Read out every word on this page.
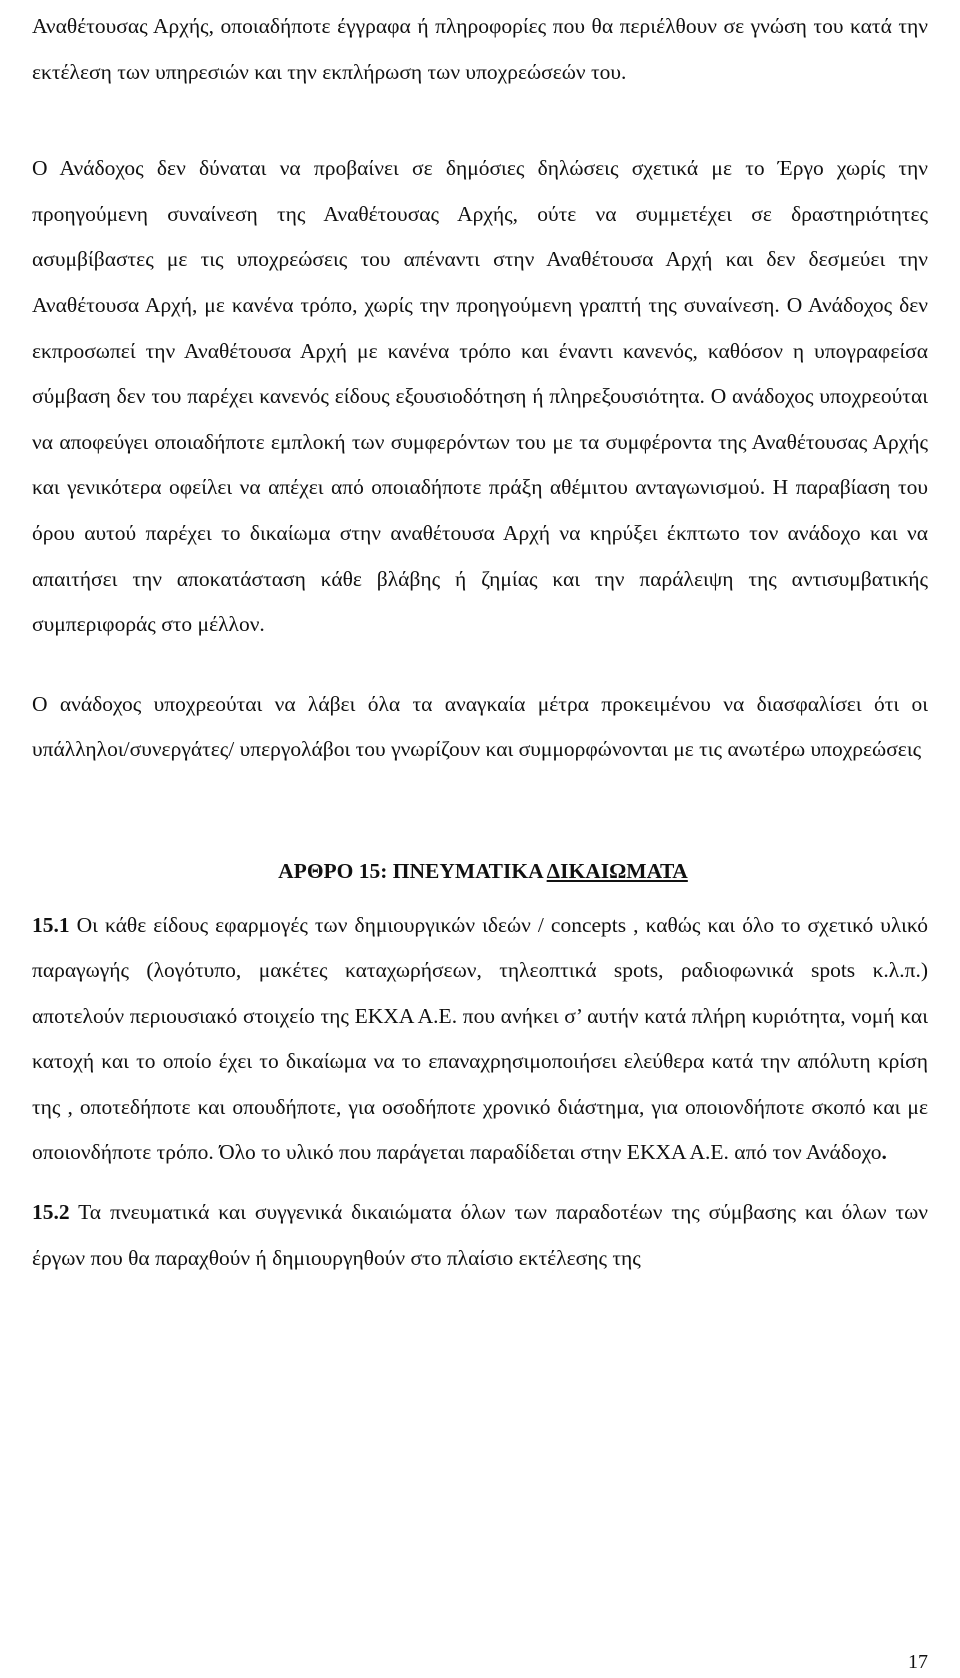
Αναθέτουσας Αρχής, οποιαδήποτε έγγραφα ή πληροφορίες που θα περιέλθουν σε γνώση του κατά την εκτέλεση των υπηρεσιών και την εκπλήρωση των υποχρεώσεών του.

Ο Ανάδοχος δεν δύναται να προβαίνει σε δημόσιες δηλώσεις σχετικά με το Έργο χωρίς την προηγούμενη συναίνεση της Αναθέτουσας Αρχής, ούτε να συμμετέχει σε δραστηριότητες ασυμβίβαστες με τις υποχρεώσεις του απέναντι στην Αναθέτουσα Αρχή και δεν δεσμεύει την Αναθέτουσα Αρχή, με κανένα τρόπο, χωρίς την προηγούμενη γραπτή της συναίνεση. Ο Ανάδοχος δεν εκπροσωπεί την Αναθέτουσα Αρχή με κανένα τρόπο και έναντι κανενός, καθόσον η υπογραφείσα σύμβαση δεν του παρέχει κανενός είδους εξουσιοδότηση ή πληρεξουσιότητα. Ο ανάδοχος υποχρεούται να αποφεύγει οποιαδήποτε εμπλοκή των συμφερόντων του με τα συμφέροντα της Αναθέτουσας Αρχής και γενικότερα οφείλει να απέχει από οποιαδήποτε πράξη αθέμιτου ανταγωνισμού. Η παραβίαση του όρου αυτού παρέχει το δικαίωμα στην αναθέτουσα Αρχή να κηρύξει έκπτωτο τον ανάδοχο και να απαιτήσει την αποκατάσταση κάθε βλάβης ή ζημίας και την παράλειψη της αντισυμβατικής συμπεριφοράς στο μέλλον.

Ο ανάδοχος υποχρεούται να λάβει όλα τα αναγκαία μέτρα προκειμένου να διασφαλίσει ότι οι υπάλληλοι/συνεργάτες/ υπεργολάβοι του γνωρίζουν και συμμορφώνονται με τις ανωτέρω υποχρεώσεις

ΑΡΘΡΟ 15: ΠΝΕΥΜΑΤΙΚΑ ΔΙΚΑΙΩΜΑΤΑ

15.1 Οι κάθε είδους εφαρμογές των δημιουργικών ιδεών / concepts , καθώς και όλο το σχετικό υλικό παραγωγής (λογότυπο, μακέτες καταχωρήσεων, τηλεοπτικά spots, ραδιοφωνικά spots κ.λ.π.) αποτελούν περιουσιακό στοιχείο της ΕΚΧΑ Α.Ε. που ανήκει σ’ αυτήν κατά πλήρη κυριότητα, νομή και κατοχή και το οποίο έχει το δικαίωμα να το επαναχρησιμοποιήσει ελεύθερα κατά την απόλυτη κρίση της , οποτεδήποτε και οπουδήποτε, για οσοδήποτε χρονικό διάστημα, για οποιονδήποτε σκοπό και με οποιονδήποτε τρόπο. Όλο το υλικό που παράγεται παραδίδεται στην ΕΚΧΑ Α.Ε. από τον Ανάδοχο.

15.2 Τα πνευματικά και συγγενικά δικαιώματα όλων των παραδοτέων της σύμβασης και όλων των έργων που θα παραχθούν ή δημιουργηθούν στο πλαίσιο εκτέλεσης της

17
